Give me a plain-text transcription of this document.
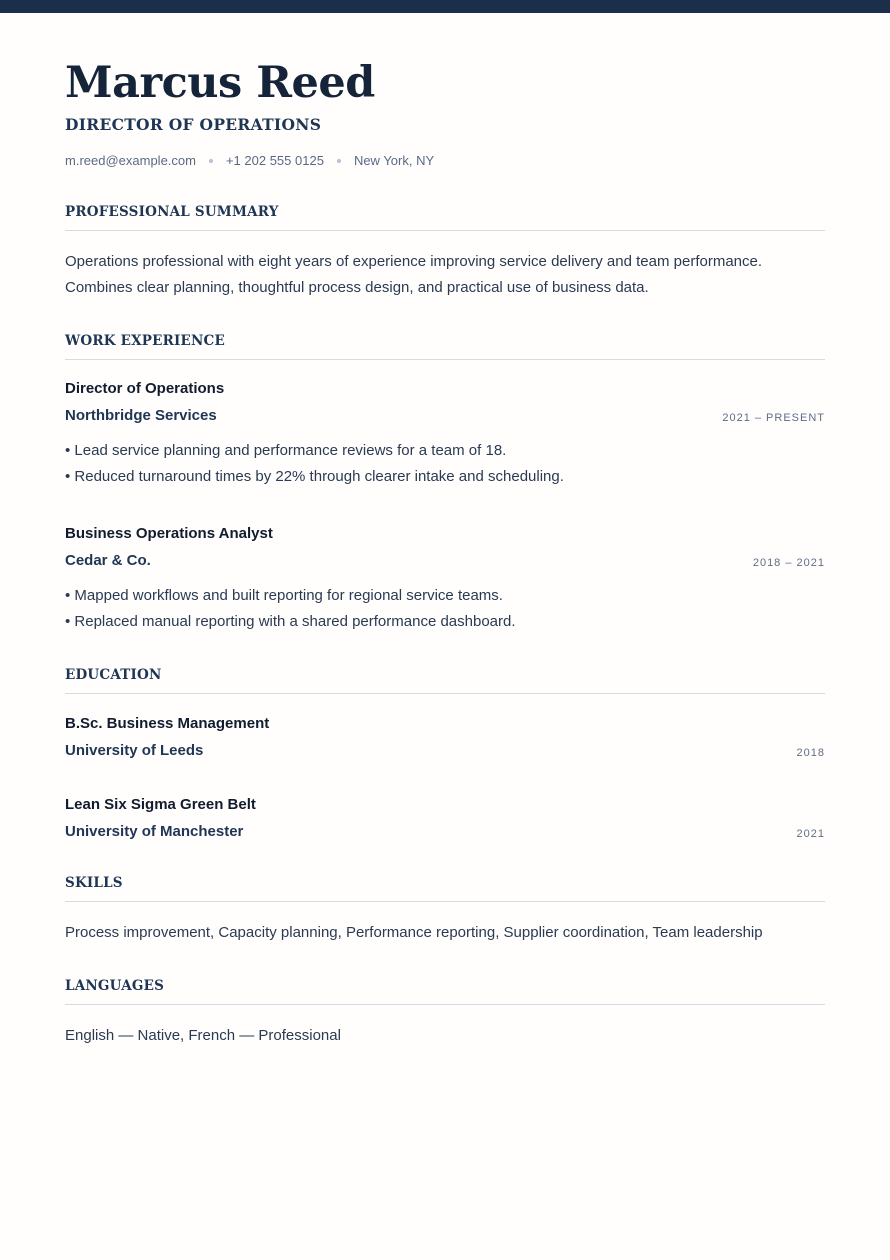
Marcus Reed
DIRECTOR OF OPERATIONS
m.reed@example.com +1 202 555 0125 New York, NY
PROFESSIONAL SUMMARY
Operations professional with eight years of experience improving service delivery and team performance. Combines clear planning, thoughtful process design, and practical use of business data.
WORK EXPERIENCE
Director of Operations
Northbridge Services	2021 – PRESENT
• Lead service planning and performance reviews for a team of 18.
• Reduced turnaround times by 22% through clearer intake and scheduling.
Business Operations Analyst
Cedar & Co.	2018 – 2021
• Mapped workflows and built reporting for regional service teams.
• Replaced manual reporting with a shared performance dashboard.
EDUCATION
B.Sc. Business Management
University of Leeds	2018
Lean Six Sigma Green Belt
University of Manchester	2021
SKILLS
Process improvement, Capacity planning, Performance reporting, Supplier coordination, Team leadership
LANGUAGES
English — Native, French — Professional
